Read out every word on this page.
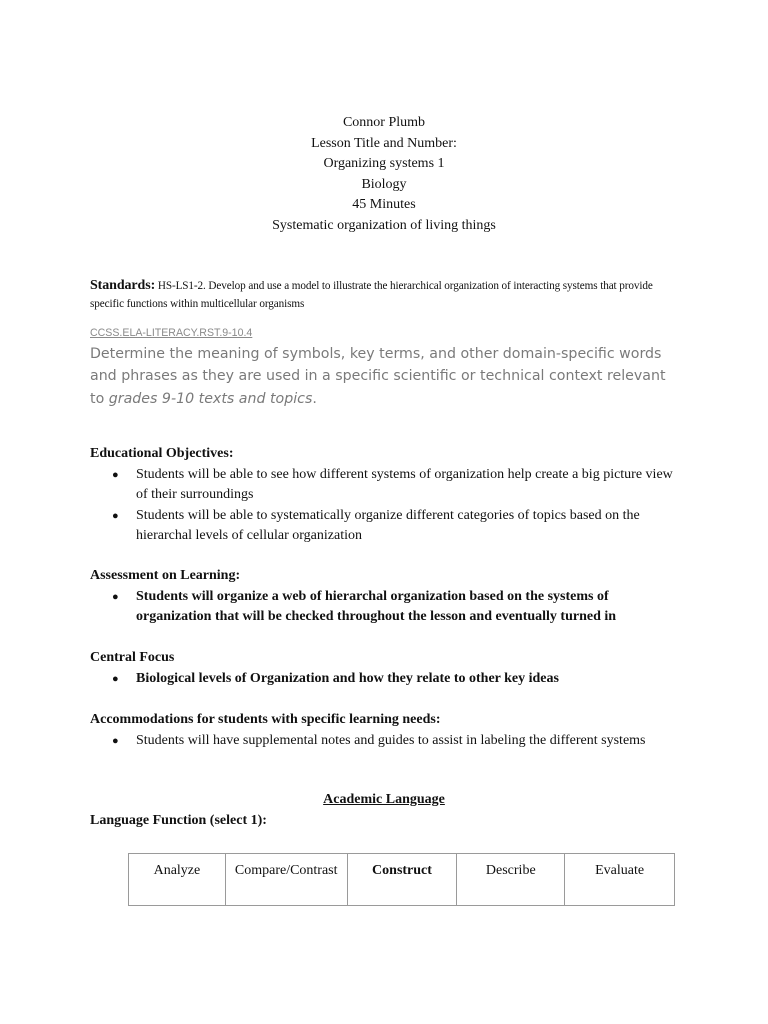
Connor Plumb
Lesson Title and Number:
Organizing systems 1
Biology
45 Minutes
Systematic organization of living things
Standards: HS-LS1-2. Develop and use a model to illustrate the hierarchical organization of interacting systems that provide specific functions within multicellular organisms
CCSS.ELA-LITERACY.RST.9-10.4
Determine the meaning of symbols, key terms, and other domain-specific words and phrases as they are used in a specific scientific or technical context relevant to grades 9-10 texts and topics.
Educational Objectives:
● Students will be able to see how different systems of organization help create a big picture view of their surroundings
● Students will be able to systematically organize different categories of topics based on the hierarchal levels of cellular organization
Assessment on Learning:
● Students will organize a web of hierarchal organization based on the systems of organization that will be checked throughout the lesson and eventually turned in
Central Focus
● Biological levels of Organization and how they relate to other key ideas
Accommodations for students with specific learning needs:
● Students will have supplemental notes and guides to assist in labeling the different systems
Academic Language
Language Function (select 1):
Analyze	Compare/Contrast	Construct	Describe	Evaluate
